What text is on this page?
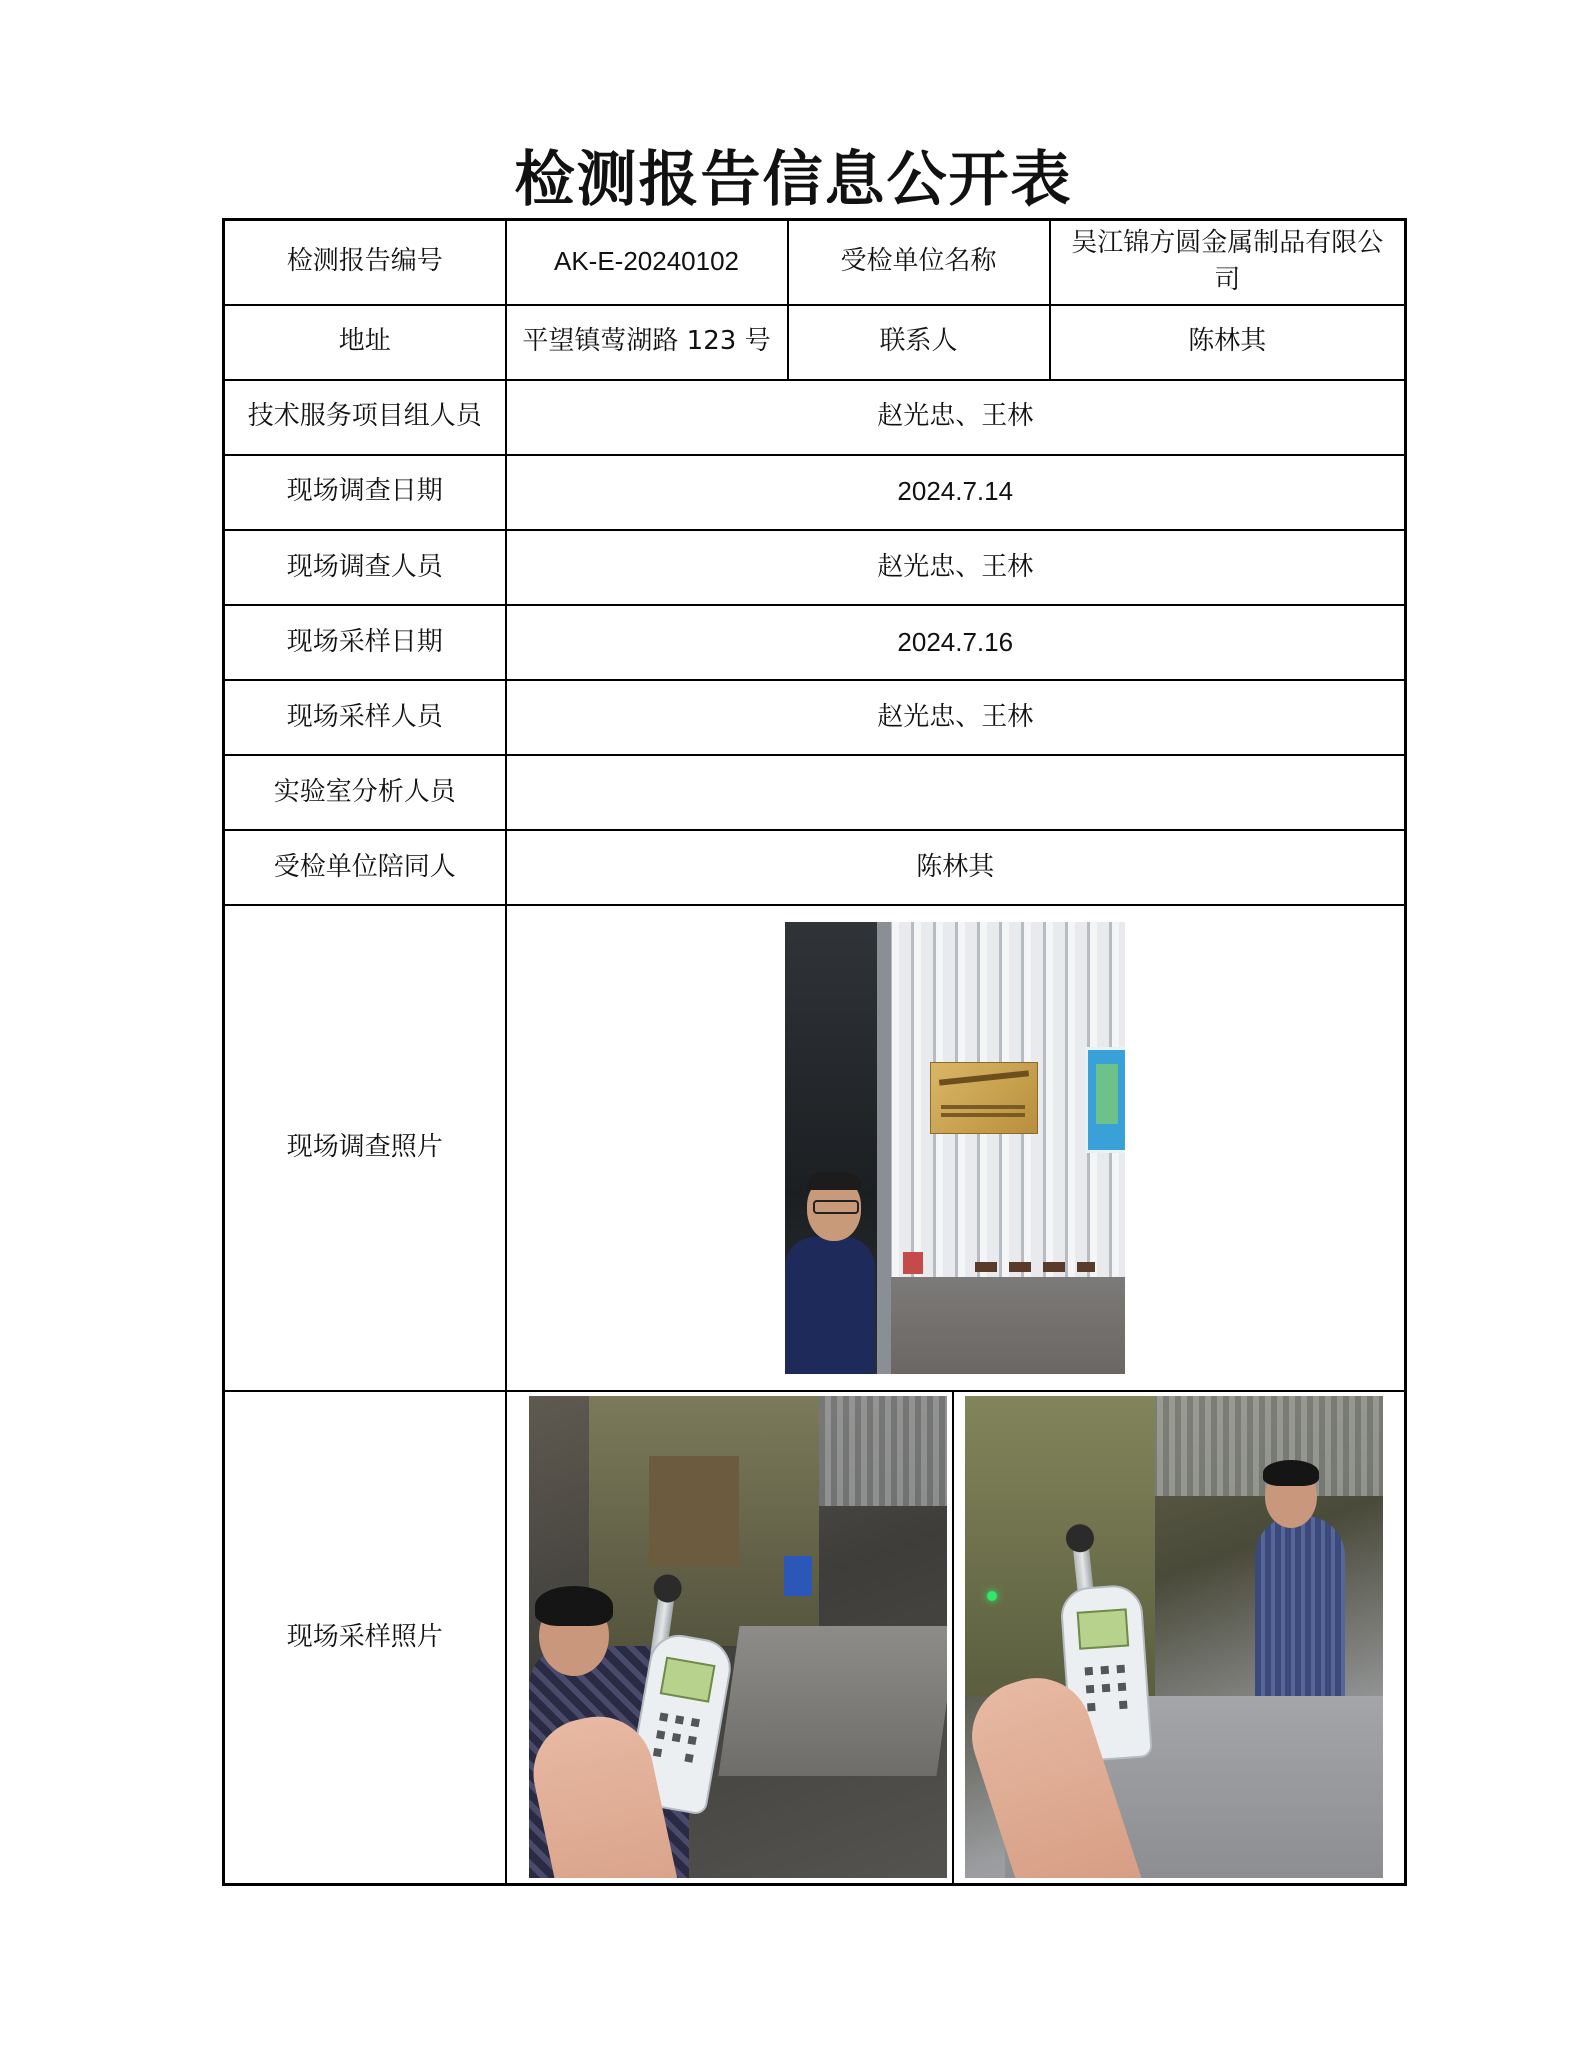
检测报告信息公开表
检测报告编号	AK-E-20240102	受检单位名称	吴江锦方圆金属制品有限公司
地址	平望镇莺湖路 123 号	联系人	陈林其
技术服务项目组人员	赵光忠、王林		
现场调查日期	2024.7.14		
现场调查人员	赵光忠、王林		
现场采样日期	2024.7.16		
现场采样人员	赵光忠、王林		
实验室分析人员			
受检单位陪同人	陈林其		
现场调查照片			

现场采样照片			
